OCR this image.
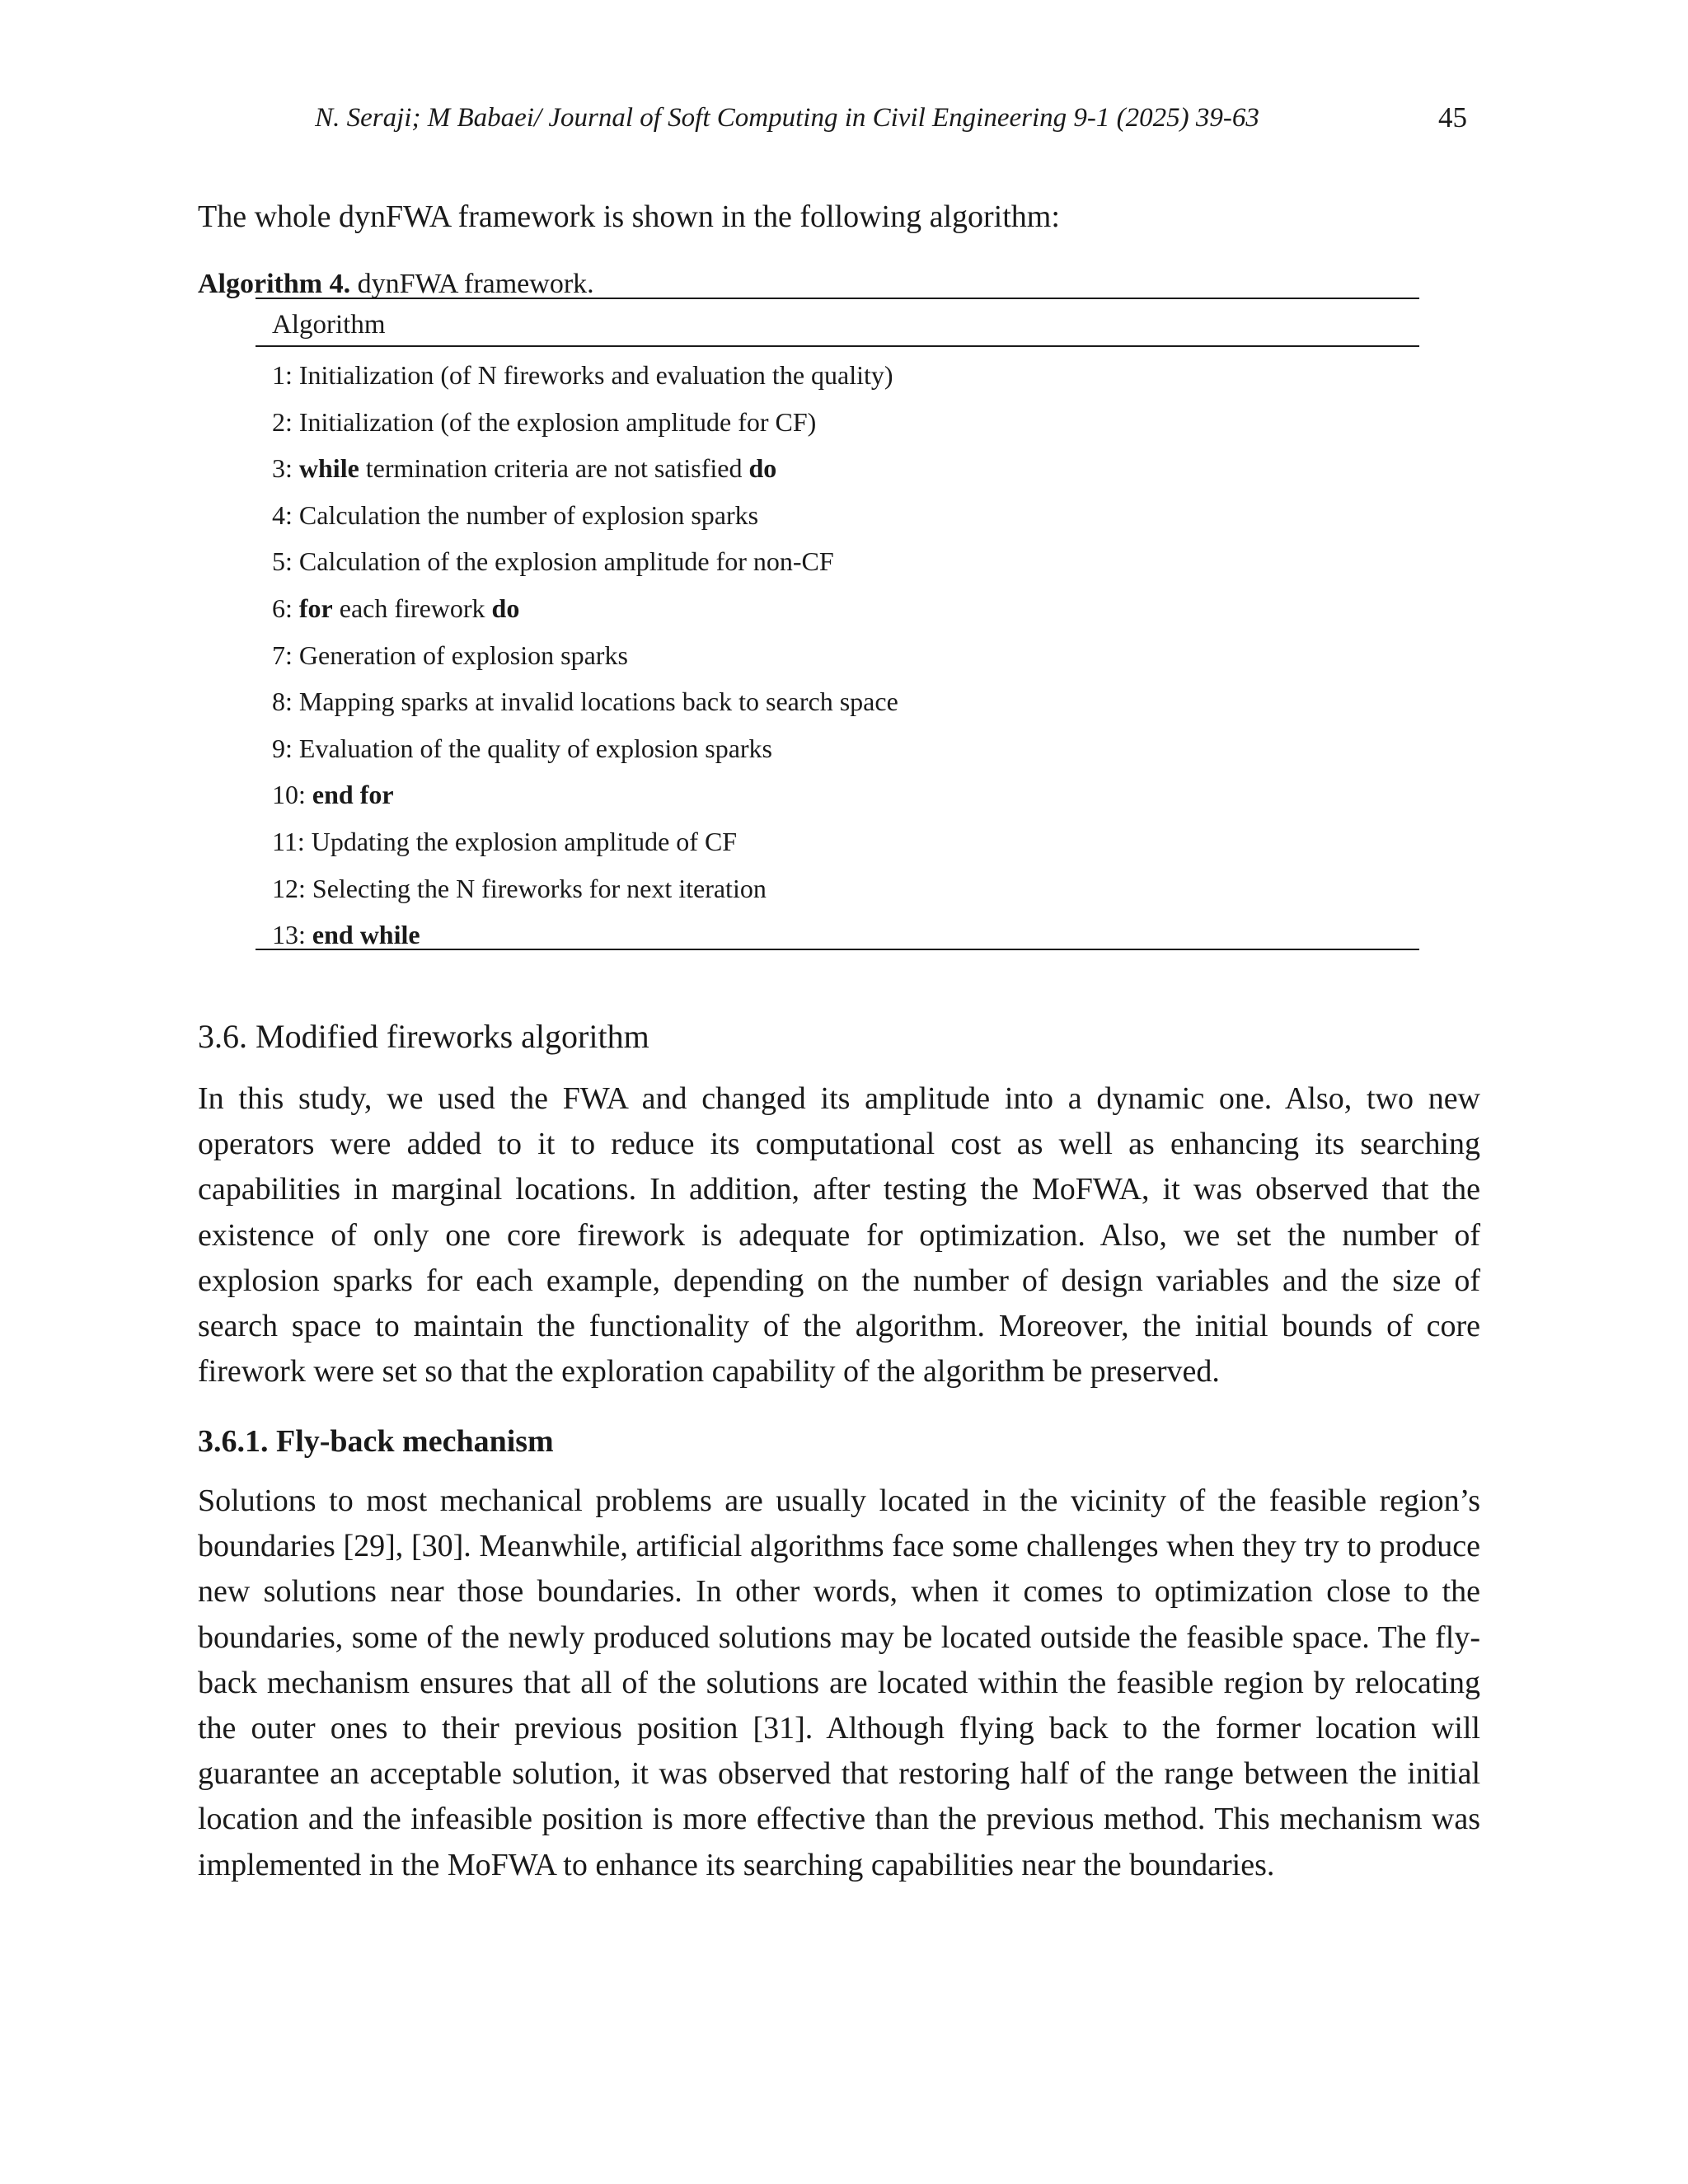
N. Seraji; M Babaei/ Journal of Soft Computing in Civil Engineering 9-1 (2025) 39-63	45

The whole dynFWA framework is shown in the following algorithm:

Algorithm 4. dynFWA framework.

Algorithm
1: Initialization (of N fireworks and evaluation the quality)
2: Initialization (of the explosion amplitude for CF)
3: while termination criteria are not satisfied do
4: Calculation the number of explosion sparks
5: Calculation of the explosion amplitude for non-CF
6: for each firework do
7: Generation of explosion sparks
8: Mapping sparks at invalid locations back to search space
9: Evaluation of the quality of explosion sparks
10: end for
11: Updating the explosion amplitude of CF
12: Selecting the N fireworks for next iteration
13: end while
3.6. Modified fireworks algorithm

In this study, we used the FWA and changed its amplitude into a dynamic one. Also, two new operators were added to it to reduce its computational cost as well as enhancing its searching capabilities in marginal locations. In addition, after testing the MoFWA, it was observed that the existence of only one core firework is adequate for optimization. Also, we set the number of explosion sparks for each example, depending on the number of design variables and the size of search space to maintain the functionality of the algorithm. Moreover, the initial bounds of core firework were set so that the exploration capability of the algorithm be preserved.

3.6.1. Fly-back mechanism

Solutions to most mechanical problems are usually located in the vicinity of the feasible region’s boundaries [29], [30]. Meanwhile, artificial algorithms face some challenges when they try to produce new solutions near those boundaries. In other words, when it comes to optimization close to the boundaries, some of the newly produced solutions may be located outside the feasible space. The fly-back mechanism ensures that all of the solutions are located within the feasible region by relocating the outer ones to their previous position [31]. Although flying back to the former location will guarantee an acceptable solution, it was observed that restoring half of the range between the initial location and the infeasible position is more effective than the previous method. This mechanism was implemented in the MoFWA to enhance its searching capabilities near the boundaries.
